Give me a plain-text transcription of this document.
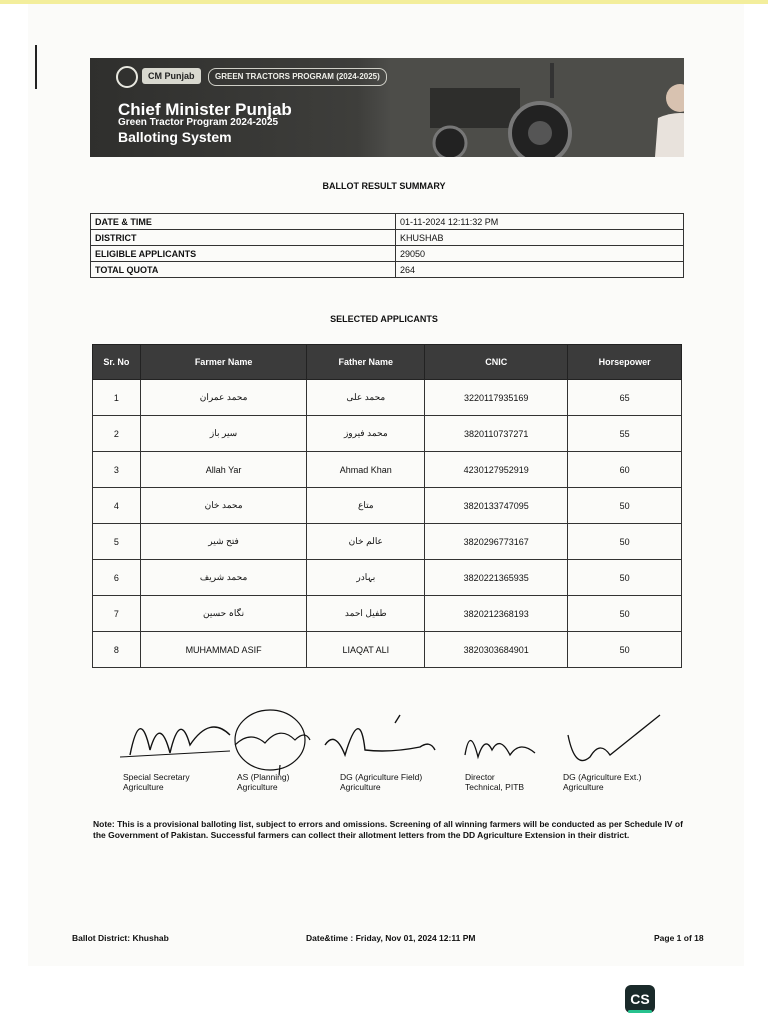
CM Punjab	GREEN TRACTORS PROGRAM (2024-2025)
Chief Minister Punjab
Green Tractor Program 2024-2025
Balloting System
BALLOT RESULT SUMMARY
DATE & TIME	01-11-2024 12:11:32 PM
DISTRICT	KHUSHAB
ELIGIBLE APPLICANTS	29050
TOTAL QUOTA	264
SELECTED APPLICANTS
Sr. No	Farmer Name	Father Name	CNIC	Horsepower
1	محمد عمران	محمد علی	3220117935169	65
2	سیر باز	محمد فیروز	3820110737271	55
3	Allah Yar	Ahmad Khan	4230127952919	60
4	محمد خان	متاع	3820133747095	50
5	فتح شیر	عالم خان	3820296773167	50
6	محمد شریف	بہادر	3820221365935	50
7	نگاہ حسین	طفیل احمد	3820212368193	50
8	MUHAMMAD ASIF	LIAQAT ALI	3820303684901	50
Special Secretary
Agriculture
AS (Planning)
Agriculture
DG (Agriculture Field)
Agriculture
Director
Technical, PITB
DG (Agriculture Ext.)
Agriculture
Note: This is a provisional balloting list, subject to errors and omissions. Screening of all winning farmers will be conducted as per Schedule IV of the Government of Pakistan. Successful farmers can collect their allotment letters from the DD Agriculture Extension in their district.
Ballot District: Khushab	Date&time : Friday, Nov 01, 2024 12:11 PM	Page 1 of 18
CS
